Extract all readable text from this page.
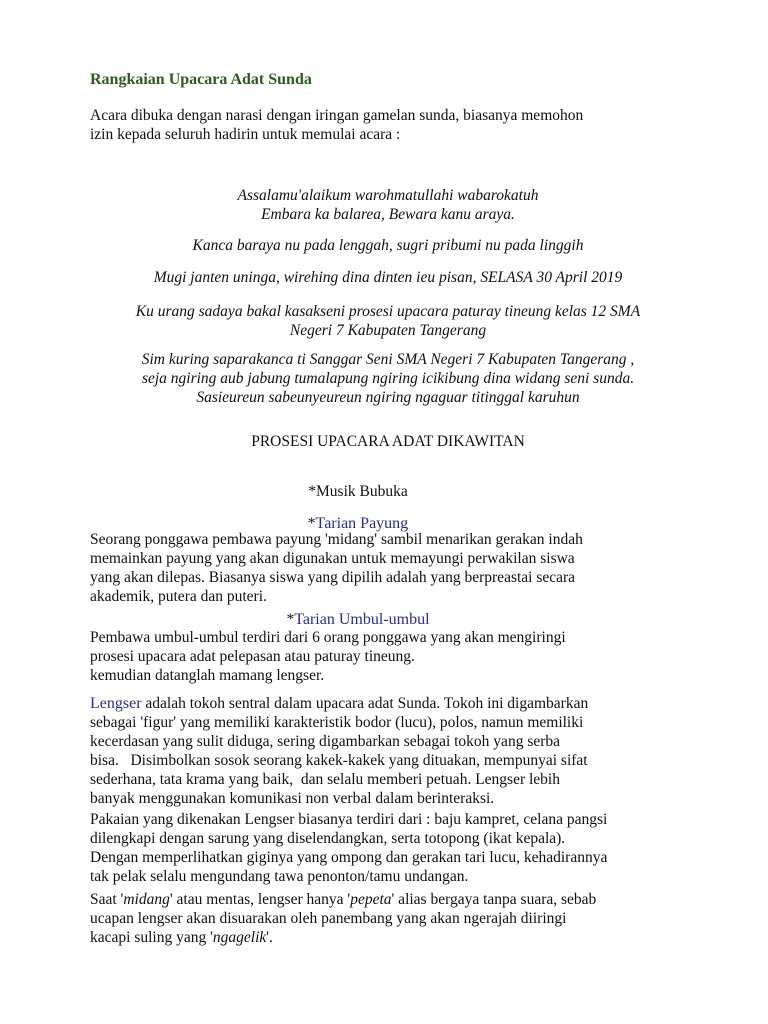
Rangkaian Upacara Adat Sunda

Acara dibuka dengan narasi dengan iringan gamelan sunda, biasanya memohon
izin kepada seluruh hadirin untuk memulai acara :

Assalamu'alaikum warohmatullahi wabarokatuh
Embara ka balarea, Bewara kanu araya.

Kanca baraya nu pada lenggah, sugri pribumi nu pada linggih

Mugi janten uninga, wirehing dina dinten ieu pisan, SELASA 30 April 2019

Ku urang sadaya bakal kasakseni prosesi upacara paturay tineung kelas 12 SMA
Negeri 7 Kabupaten Tangerang

Sim kuring saparakanca ti Sanggar Seni SMA Negeri 7 Kabupaten Tangerang ,
seja ngiring aub jabung tumalapung ngiring icikibung dina widang seni sunda.
Sasieureun sabeunyeureun ngiring ngaguar titinggal karuhun

PROSESI UPACARA ADAT DIKAWITAN

*Musik Bubuka

*Tarian Payung

Seorang ponggawa pembawa payung 'midang' sambil menarikan gerakan indah
memainkan payung yang akan digunakan untuk memayungi perwakilan siswa
yang akan dilepas. Biasanya siswa yang dipilih adalah yang berpreastai secara
akademik, putera dan puteri.

*Tarian Umbul-umbul

Pembawa umbul-umbul terdiri dari 6 orang ponggawa yang akan mengiringi
prosesi upacara adat pelepasan atau paturay tineung.
kemudian datanglah mamang lengser.

Lengser adalah tokoh sentral dalam upacara adat Sunda. Tokoh ini digambarkan
sebagai 'figur' yang memiliki karakteristik bodor (lucu), polos, namun memiliki
kecerdasan yang sulit diduga, sering digambarkan sebagai tokoh yang serba
bisa.   Disimbolkan sosok seorang kakek-kakek yang dituakan, mempunyai sifat
sederhana, tata krama yang baik,  dan selalu memberi petuah. Lengser lebih
banyak menggunakan komunikasi non verbal dalam berinteraksi.

Pakaian yang dikenakan Lengser biasanya terdiri dari : baju kampret, celana pangsi
dilengkapi dengan sarung yang diselendangkan, serta totopong (ikat kepala).
Dengan memperlihatkan giginya yang ompong dan gerakan tari lucu, kehadirannya
tak pelak selalu mengundang tawa penonton/tamu undangan.

Saat 'midang' atau mentas, lengser hanya 'pepeta' alias bergaya tanpa suara, sebab
ucapan lengser akan disuarakan oleh panembang yang akan ngerajah diiringi
kacapi suling yang 'ngagelik'.
